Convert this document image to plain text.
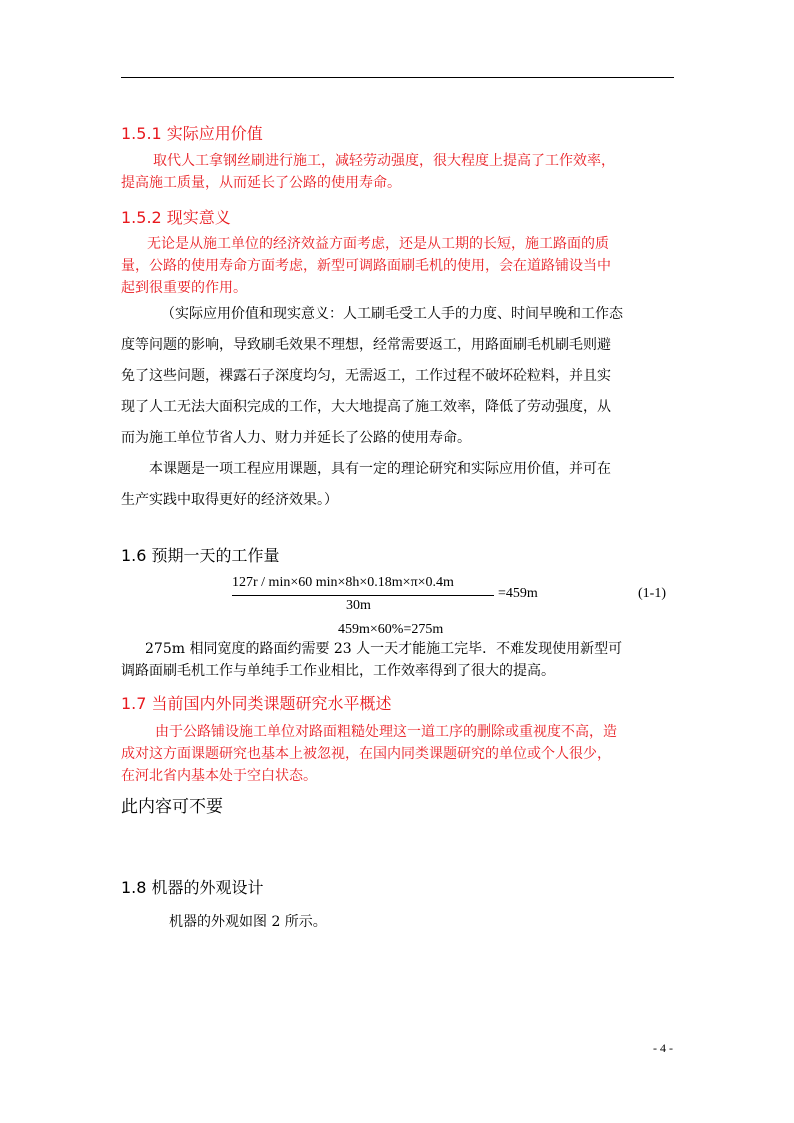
1.5.1 实际应用价值
取代人工拿钢丝刷进行施工，减轻劳动强度，很大程度上提高了工作效率，
提高施工质量，从而延长了公路的使用寿命。
1.5.2 现实意义
无论是从施工单位的经济效益方面考虑，还是从工期的长短，施工路面的质
量，公路的使用寿命方面考虑，新型可调路面刷毛机的使用，会在道路铺设当中
起到很重要的作用。
（实际应用价值和现实意义：人工刷毛受工人手的力度、时间早晚和工作态
度等问题的影响，导致刷毛效果不理想，经常需要返工，用路面刷毛机刷毛则避
免了这些问题，裸露石子深度均匀，无需返工，工作过程不破坏砼粒料，并且实
现了人工无法大面积完成的工作，大大地提高了施工效率，降低了劳动强度，从
而为施工单位节省人力、财力并延长了公路的使用寿命。
本课题是一项工程应用课题，具有一定的理论研究和实际应用价值，并可在
生产实践中取得更好的经济效果。）
1.6 预期一天的工作量
127r / min×60 min×8h×0.18m×π×0.4m
30m
=459m	(1-1)
459m×60%=275m
275m 相同宽度的路面约需要 23 人一天才能施工完毕．不难发现使用新型可
调路面刷毛机工作与单纯手工作业相比，工作效率得到了很大的提高。
1.7 当前国内外同类课题研究水平概述
由于公路铺设施工单位对路面粗糙处理这一道工序的删除或重视度不高，造
成对这方面课题研究也基本上被忽视，在国内同类课题研究的单位或个人很少，
在河北省内基本处于空白状态。
此内容可不要
1.8 机器的外观设计
机器的外观如图 2 所示。
- 4 -
